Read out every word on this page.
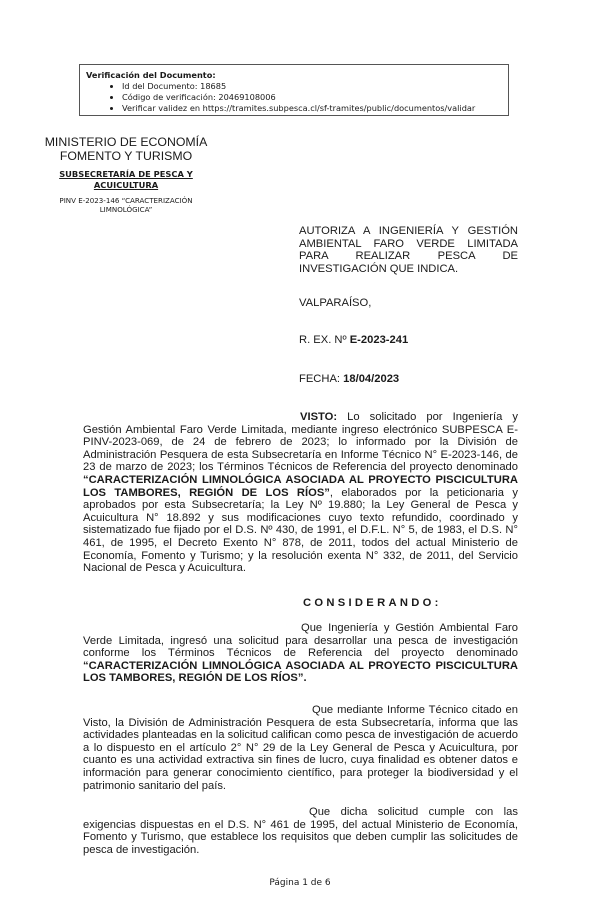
Verificación del Documento:
• Id del Documento: 18685
• Código de verificación: 20469108006
• Verificar validez en https://tramites.subpesca.cl/sf-tramites/public/documentos/validar
MINISTERIO DE ECONOMÍA
FOMENTO Y TURISMO
SUBSECRETARÍA DE PESCA Y ACUICULTURA
PINV E-2023-146 “CARACTERIZACIÓN LIMNOLÓGICA”
AUTORIZA A INGENIERÍA Y GESTIÓN AMBIENTAL FARO VERDE LIMITADA PARA REALIZAR PESCA DE INVESTIGACIÓN QUE INDICA.
VALPARAÍSO,
R. EX. Nº E-2023-241
FECHA: 18/04/2023
VISTO: Lo solicitado por Ingeniería y Gestión Ambiental Faro Verde Limitada, mediante ingreso electrónico SUBPESCA E-PINV-2023-069, de 24 de febrero de 2023; lo informado por la División de Administración Pesquera de esta Subsecretaría en Informe Técnico N° E-2023-146, de 23 de marzo de 2023; los Términos Técnicos de Referencia del proyecto denominado “CARACTERIZACIÓN LIMNOLÓGICA ASOCIADA AL PROYECTO PISCICULTURA LOS TAMBORES, REGIÓN DE LOS RÍOS”, elaborados por la peticionaria y aprobados por esta Subsecretaría; la Ley Nº 19.880; la Ley General de Pesca y Acuicultura N° 18.892 y sus modificaciones cuyo texto refundido, coordinado y sistematizado fue fijado por el D.S. Nº 430, de 1991, el D.F.L. N° 5, de 1983, el D.S. N° 461, de 1995, el Decreto Exento N° 878, de 2011, todos del actual Ministerio de Economía, Fomento y Turismo; y la resolución exenta N° 332, de 2011, del Servicio Nacional de Pesca y Acuicultura.
CONSIDERANDO:
Que Ingeniería y Gestión Ambiental Faro Verde Limitada, ingresó una solicitud para desarrollar una pesca de investigación conforme los Términos Técnicos de Referencia del proyecto denominado “CARACTERIZACIÓN LIMNOLÓGICA ASOCIADA AL PROYECTO PISCICULTURA LOS TAMBORES, REGIÓN DE LOS RÍOS”.
Que mediante Informe Técnico citado en Visto, la División de Administración Pesquera de esta Subsecretaría, informa que las actividades planteadas en la solicitud califican como pesca de investigación de acuerdo a lo dispuesto en el artículo 2° N° 29 de la Ley General de Pesca y Acuicultura, por cuanto es una actividad extractiva sin fines de lucro, cuya finalidad es obtener datos e información para generar conocimiento científico, para proteger la biodiversidad y el patrimonio sanitario del país.
Que dicha solicitud cumple con las exigencias dispuestas en el D.S. N° 461 de 1995, del actual Ministerio de Economía, Fomento y Turismo, que establece los requisitos que deben cumplir las solicitudes de pesca de investigación.
Página 1 de 6
